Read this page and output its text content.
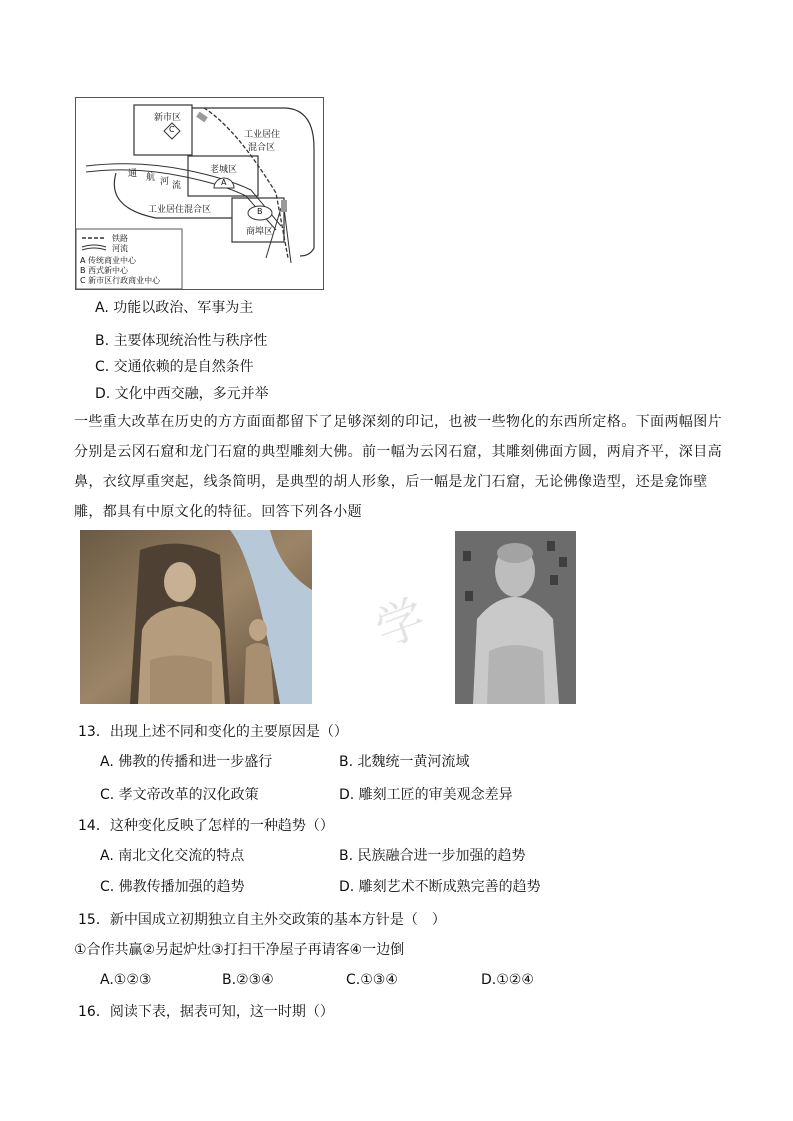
新市区
工业居住
混合区
老城区
通 航 河 流
工业居住混合区
商埠区
A
C
B
铁路
河流
A 传统商业中心
B 西式新中心
C 新市区行政商业中心
A. 功能以政治、军事为主
B. 主要体现统治性与秩序性
C. 交通依赖的是自然条件
D. 文化中西交融，多元并举
一些重大改革在历史的方方面面都留下了足够深刻的印记，也被一些物化的东西所定格。下面两幅图片分别是云冈石窟和龙门石窟的典型雕刻大佛。前一幅为云冈石窟，其雕刻佛面方圆，两肩齐平，深目高鼻，衣纹厚重突起，线条简明，是典型的胡人形象，后一幅是龙门石窟，无论佛像造型，还是龛饰壁雕，都具有中原文化的特征。回答下列各小题
学
13．出现上述不同和变化的主要原因是（）
A. 佛教的传播和进一步盛行	B. 北魏统一黄河流域
C. 孝文帝改革的汉化政策	D. 雕刻工匠的审美观念差异
14．这种变化反映了怎样的一种趋势（）
A. 南北文化交流的特点	B. 民族融合进一步加强的趋势
C. 佛教传播加强的趋势	D. 雕刻艺术不断成熟完善的趋势
15．新中国成立初期独立自主外交政策的基本方针是（　）
①合作共赢②另起炉灶③打扫干净屋子再请客④一边倒
A.①②③	B.②③④	C.①③④	D.①②④
16．阅读下表，据表可知，这一时期（）
